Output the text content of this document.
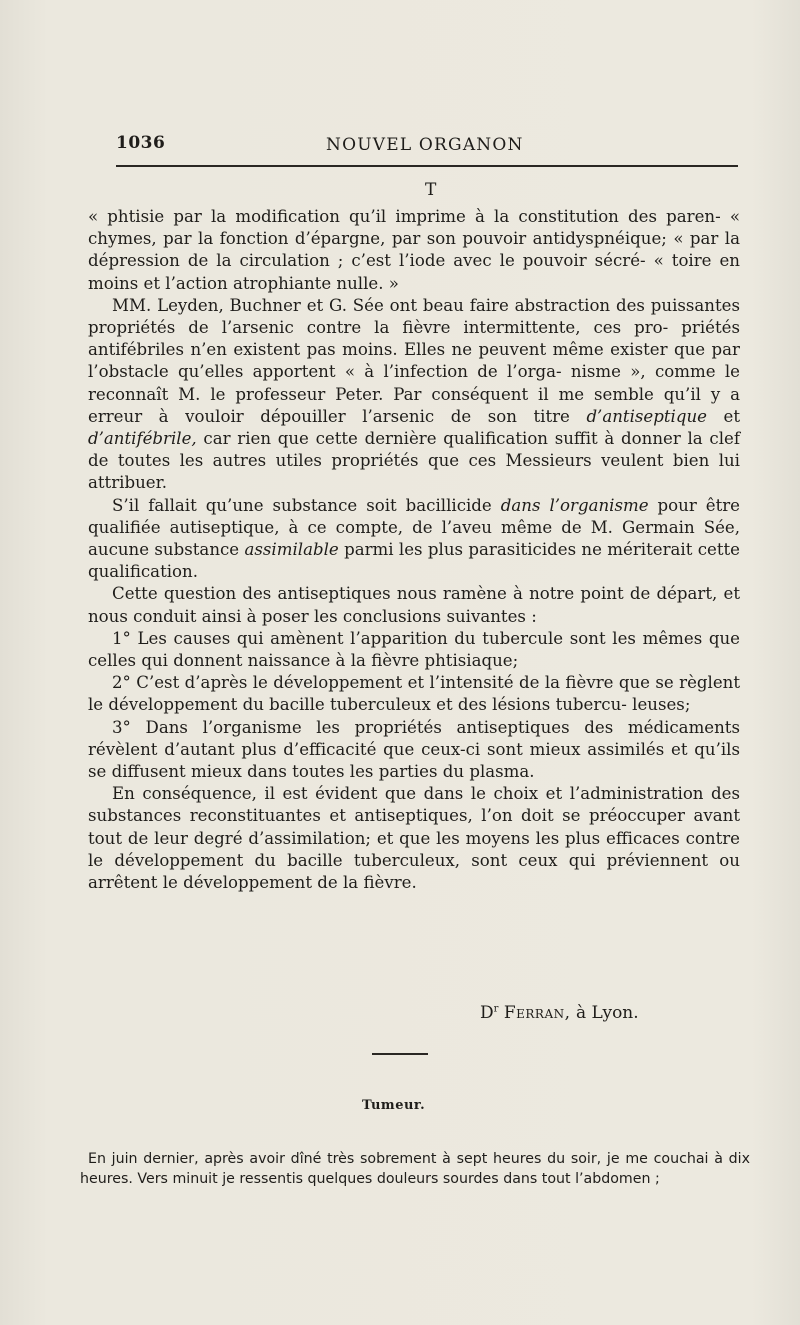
1036	NOUVEL ORGANON
T

« phtisie par la modification qu’il imprime à la constitution des paren- « chymes, par la fonction d’épargne, par son pouvoir antidyspnéique; « par la dépression de la circulation ; c’est l’iode avec le pouvoir sécré- « toire en moins et l’action atrophiante nulle. »

MM. Leyden, Buchner et G. Sée ont beau faire abstraction des puissantes propriétés de l’arsenic contre la fièvre intermittente, ces pro- priétés antifébriles n’en existent pas moins. Elles ne peuvent même exister que par l’obstacle qu’elles apportent « à l’infection de l’orga- nisme », comme le reconnaît M. le professeur Peter. Par conséquent il me semble qu’il y a erreur à vouloir dépouiller l’arsenic de son titre d’antiseptique et d’antifébrile, car rien que cette dernière qualification suffit à donner la clef de toutes les autres utiles propriétés que ces Messieurs veulent bien lui attribuer.

S’il fallait qu’une substance soit bacillicide dans l’organisme pour être qualifiée autiseptique, à ce compte, de l’aveu même de M. Germain Sée, aucune substance assimilable parmi les plus parasiticides ne mériterait cette qualification.

Cette question des antiseptiques nous ramène à notre point de départ, et nous conduit ainsi à poser les conclusions suivantes :

1° Les causes qui amènent l’apparition du tubercule sont les mêmes que celles qui donnent naissance à la fièvre phtisiaque;

2° C’est d’après le développement et l’intensité de la fièvre que se règlent le développement du bacille tuberculeux et des lésions tubercu- leuses;

3° Dans l’organisme les propriétés antiseptiques des médicaments révèlent d’autant plus d’efficacité que ceux-ci sont mieux assimilés et qu’ils se diffusent mieux dans toutes les parties du plasma.

En conséquence, il est évident que dans le choix et l’administration des substances reconstituantes et antiseptiques, l’on doit se préoccuper avant tout de leur degré d’assimilation; et que les moyens les plus efficaces contre le développement du bacille tuberculeux, sont ceux qui préviennent ou arrêtent le développement de la fièvre.

$D^r$ Ferran, à Lyon.
Tumeur.

En juin dernier, après avoir dîné très sobrement à sept heures du soir, je me couchai à dix heures. Vers minuit je ressentis quelques douleurs sourdes dans tout l’abdomen ;
